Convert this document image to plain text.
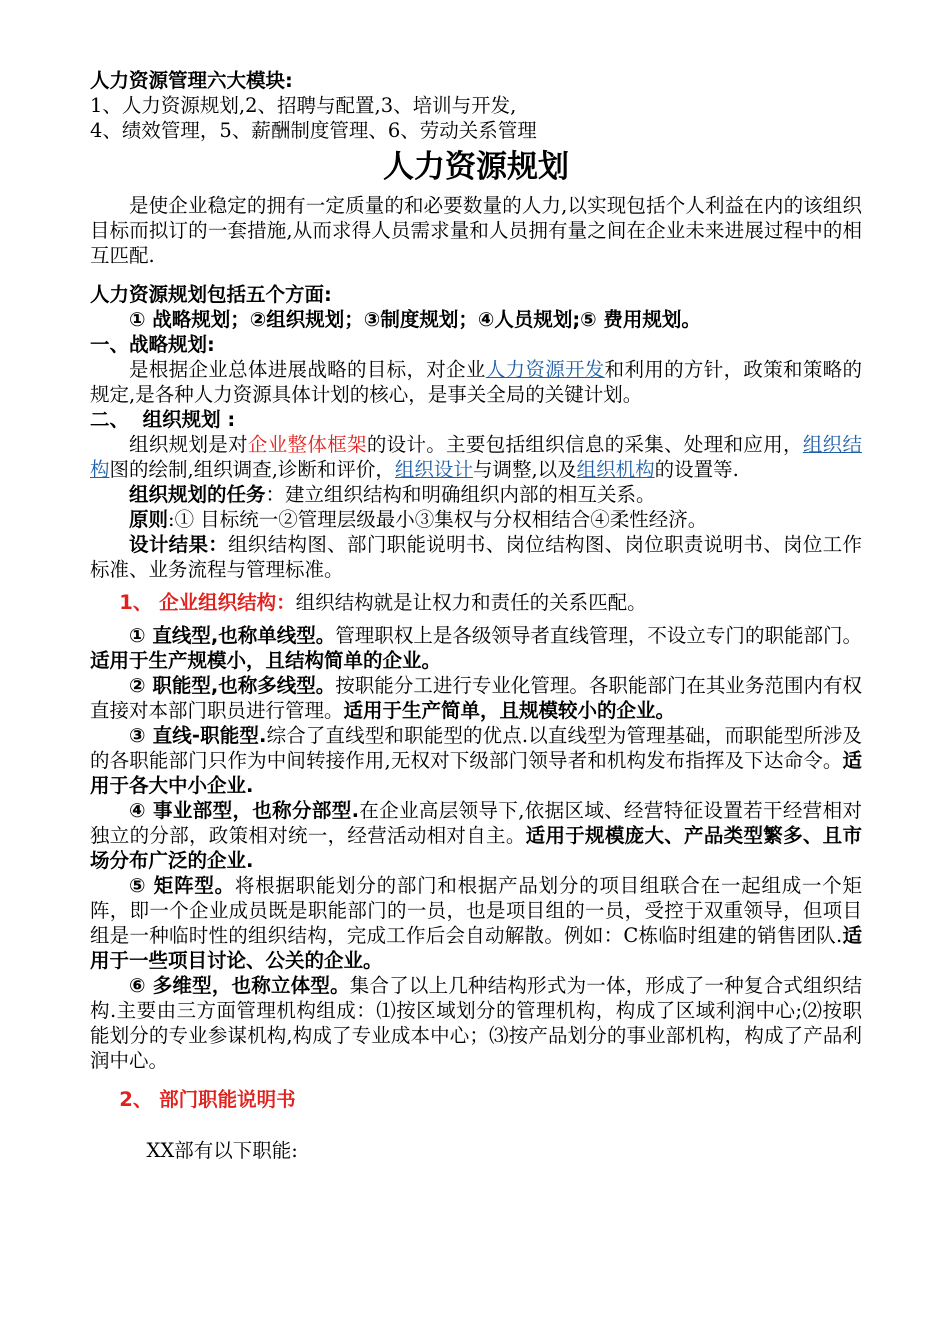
人力资源管理六大模块:

1、人力资源规划,2、招聘与配置,3、培训与开发,

4、绩效管理，5、薪酬制度管理、6、劳动关系管理

人力资源规划

是使企业稳定的拥有一定质量的和必要数量的人力,以实现包括个人利益在内的该组织目标而拟订的一套措施,从而求得人员需求量和人员拥有量之间在企业未来进展过程中的相互匹配.

人力资源规划包括五个方面:

① 战略规划；②组织规划；③制度规划；④人员规划;⑤ 费用规划。

一、战略规划:

是根据企业总体进展战略的目标，对企业人力资源开发和利用的方针，政策和策略的规定,是各种人力资源具体计划的核心，是事关全局的关键计划。

二、 组织规划 :

组织规划是对企业整体框架的设计。主要包括组织信息的采集、处理和应用，组织结构图的绘制,组织调查,诊断和评价，组织设计与调整,以及组织机构的设置等.

组织规划的任务：建立组织结构和明确组织内部的相互关系。

原则:① 目标统一②管理层级最小③集权与分权相结合④柔性经济。

设计结果：组织结构图、部门职能说明书、岗位结构图、岗位职责说明书、岗位工作标准、业务流程与管理标准。

1、 企业组织结构：组织结构就是让权力和责任的关系匹配。

① 直线型,也称单线型。管理职权上是各级领导者直线管理，不设立专门的职能部门。适用于生产规模小，且结构简单的企业。

② 职能型,也称多线型。按职能分工进行专业化管理。各职能部门在其业务范围内有权直接对本部门职员进行管理。适用于生产简单，且规模较小的企业。

③ 直线-职能型.综合了直线型和职能型的优点.以直线型为管理基础，而职能型所涉及的各职能部门只作为中间转接作用,无权对下级部门领导者和机构发布指挥及下达命令。适用于各大中小企业.

④ 事业部型，也称分部型.在企业高层领导下,依据区域、经营特征设置若干经营相对独立的分部，政策相对统一，经营活动相对自主。适用于规模庞大、产品类型繁多、且市场分布广泛的企业.

⑤ 矩阵型。将根据职能划分的部门和根据产品划分的项目组联合在一起组成一个矩阵，即一个企业成员既是职能部门的一员，也是项目组的一员，受控于双重领导，但项目组是一种临时性的组织结构，完成工作后会自动解散。例如：C栋临时组建的销售团队.适用于一些项目讨论、公关的企业。

⑥ 多维型，也称立体型。集合了以上几种结构形式为一体，形成了一种复合式组织结构.主要由三方面管理机构组成：⑴按区域划分的管理机构，构成了区域利润中心;⑵按职能划分的专业参谋机构,构成了专业成本中心；⑶按产品划分的事业部机构，构成了产品利润中心。

2、 部门职能说明书

XX部有以下职能:
